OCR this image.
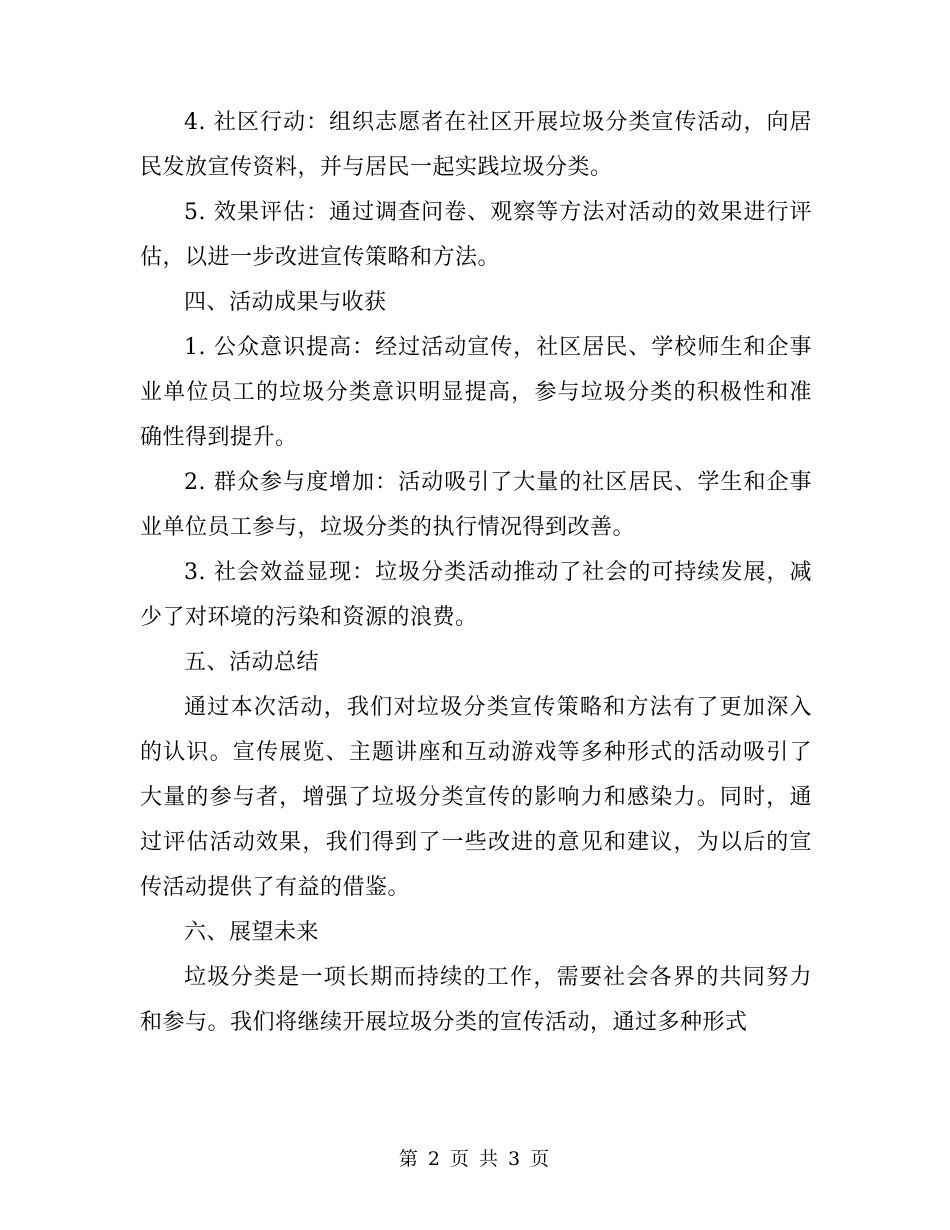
4. 社区行动：组织志愿者在社区开展垃圾分类宣传活动，向居民发放宣传资料，并与居民一起实践垃圾分类。

5. 效果评估：通过调查问卷、观察等方法对活动的效果进行评估，以进一步改进宣传策略和方法。

四、活动成果与收获

1. 公众意识提高：经过活动宣传，社区居民、学校师生和企事业单位员工的垃圾分类意识明显提高，参与垃圾分类的积极性和准确性得到提升。

2. 群众参与度增加：活动吸引了大量的社区居民、学生和企事业单位员工参与，垃圾分类的执行情况得到改善。

3. 社会效益显现：垃圾分类活动推动了社会的可持续发展，减少了对环境的污染和资源的浪费。

五、活动总结

通过本次活动，我们对垃圾分类宣传策略和方法有了更加深入的认识。宣传展览、主题讲座和互动游戏等多种形式的活动吸引了大量的参与者，增强了垃圾分类宣传的影响力和感染力。同时，通过评估活动效果，我们得到了一些改进的意见和建议，为以后的宣传活动提供了有益的借鉴。

六、展望未来

垃圾分类是一项长期而持续的工作，需要社会各界的共同努力和参与。我们将继续开展垃圾分类的宣传活动，通过多种形式

第 2 页 共 3 页
